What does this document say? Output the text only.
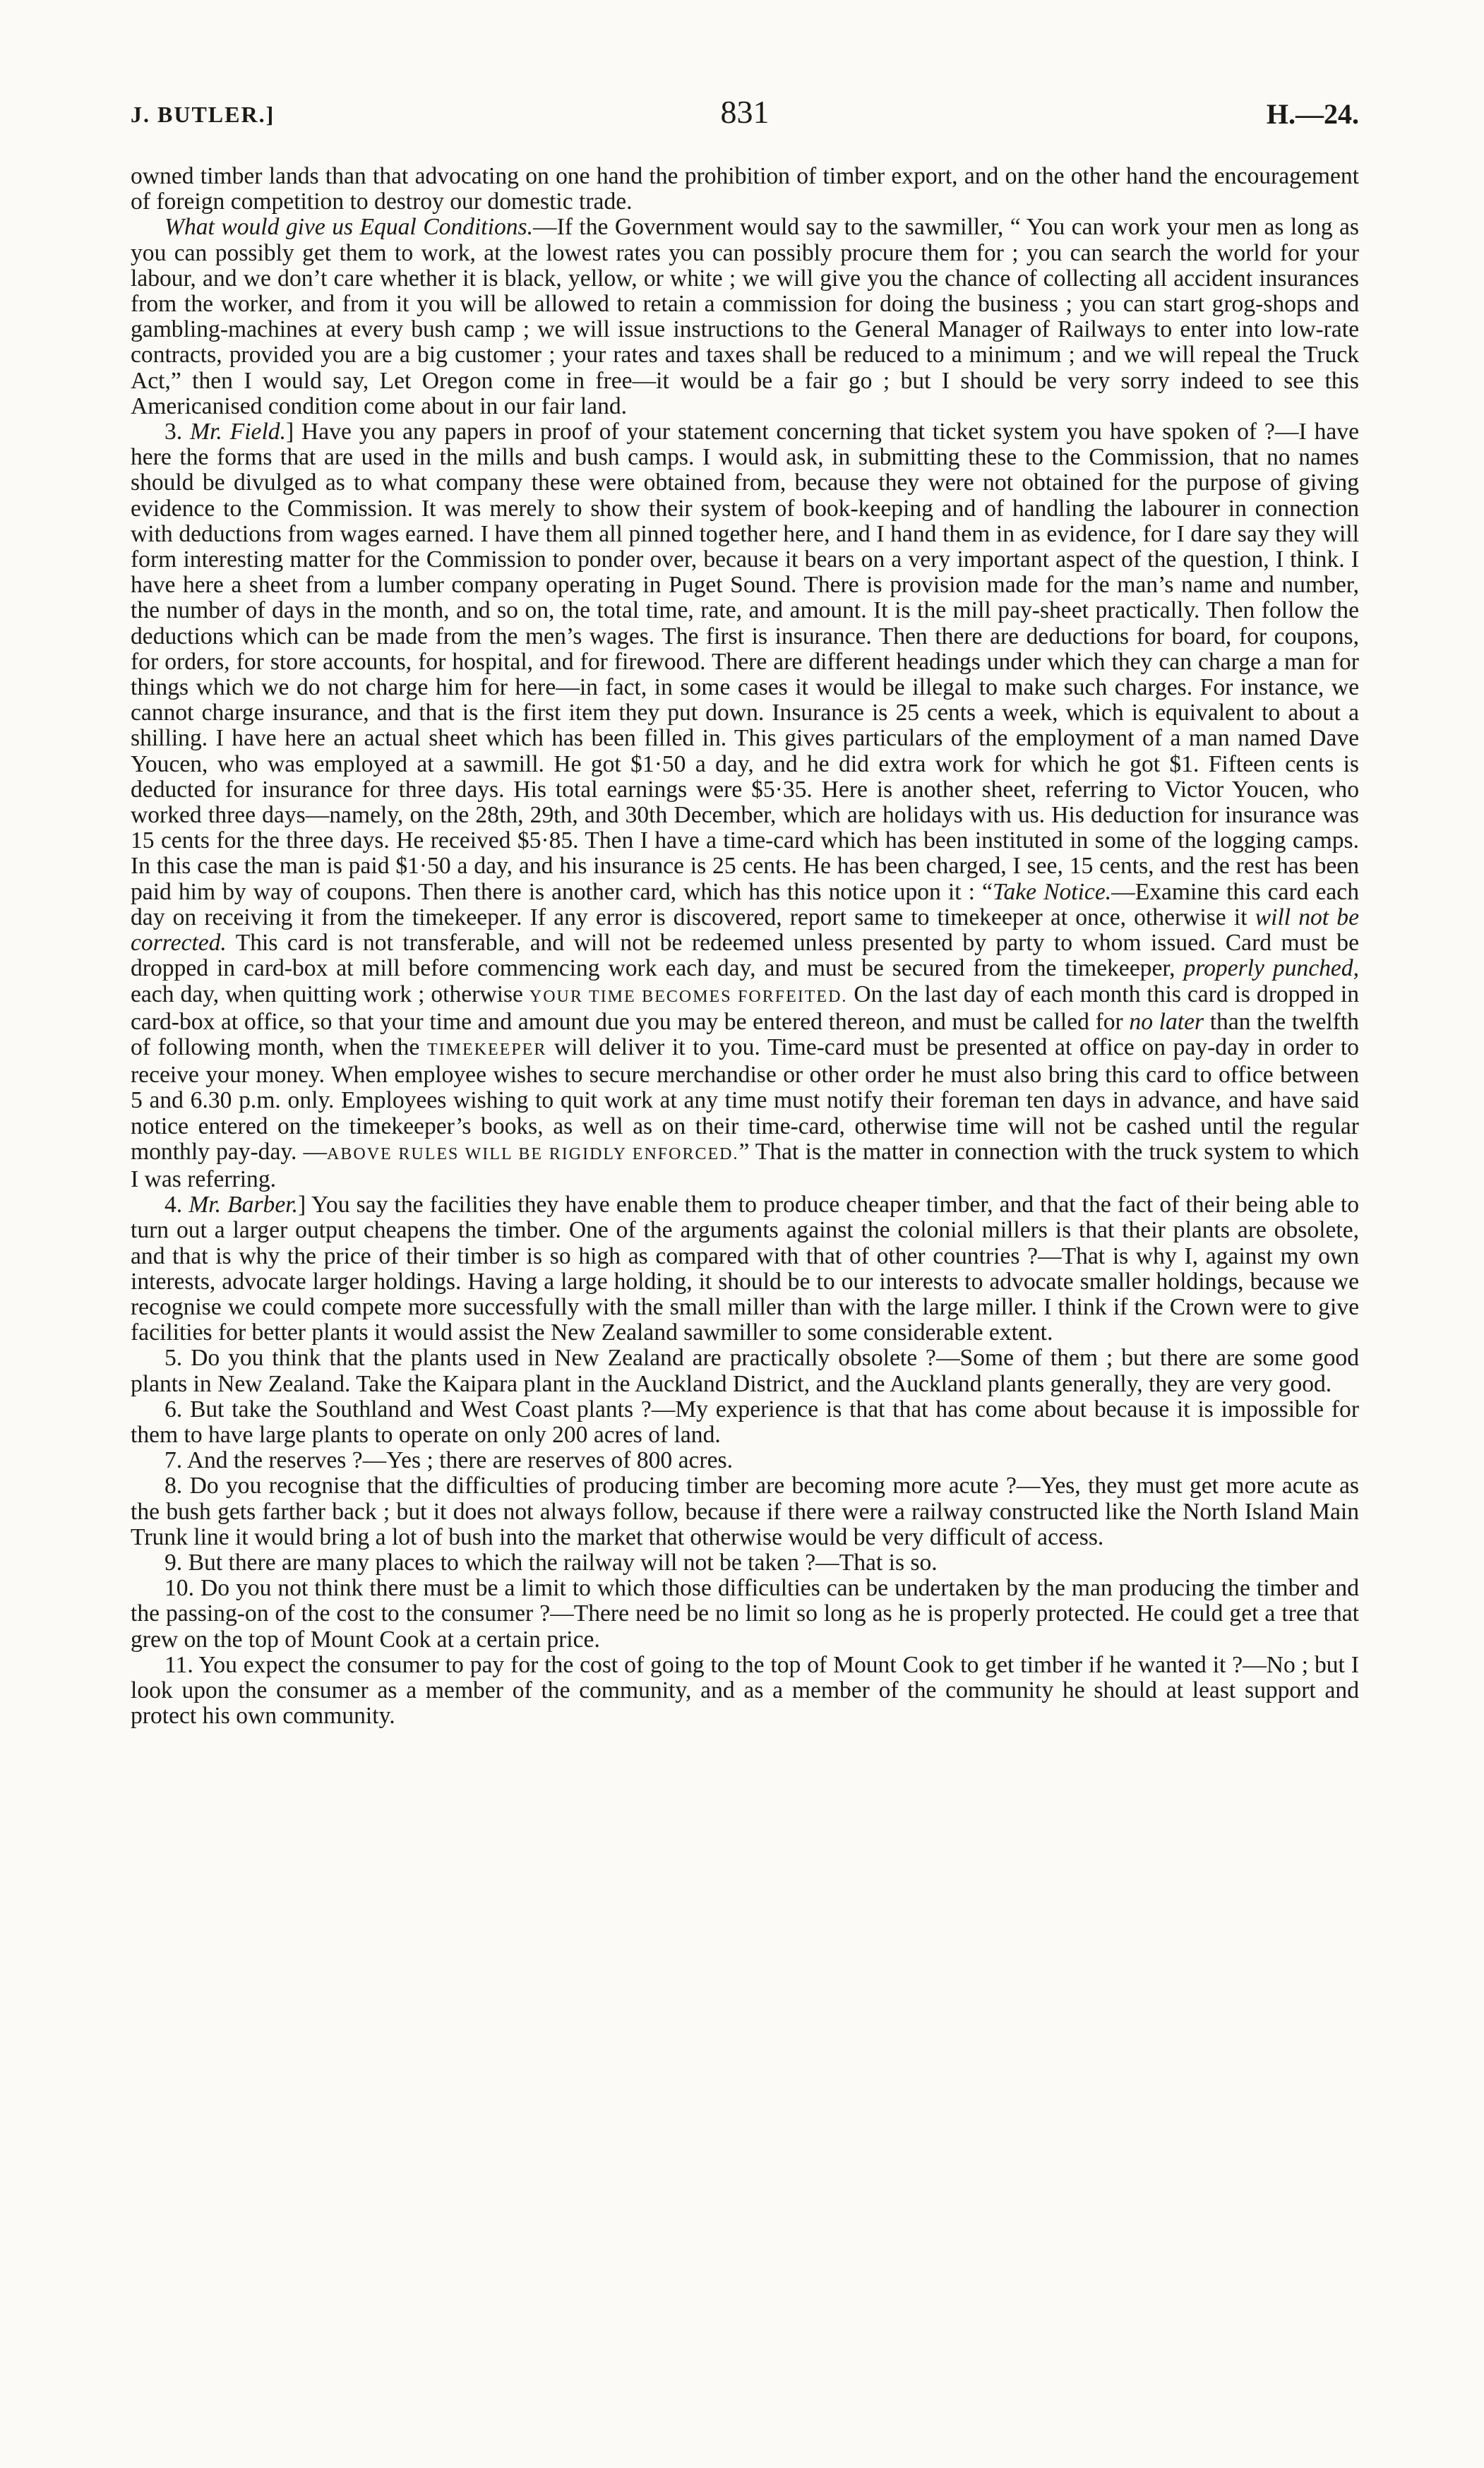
J. BUTLER.]	831	H.—24.

owned timber lands than that advocating on one hand the prohibition of timber export, and on the other hand the encouragement of foreign competition to destroy our domestic trade.

What would give us Equal Conditions.—If the Government would say to the sawmiller, “ You can work your men as long as you can possibly get them to work, at the lowest rates you can possibly procure them for ; you can search the world for your labour, and we don’t care whether it is black, yellow, or white ; we will give you the chance of collecting all accident insurances from the worker, and from it you will be allowed to retain a commission for doing the business ; you can start grog-shops and gambling-machines at every bush camp ; we will issue instructions to the General Manager of Railways to enter into low-rate contracts, provided you are a big customer ; your rates and taxes shall be reduced to a minimum ; and we will repeal the Truck Act,” then I would say, Let Oregon come in free—it would be a fair go ; but I should be very sorry indeed to see this Americanised condition come about in our fair land.

3. Mr. Field.] Have you any papers in proof of your statement concerning that ticket system you have spoken of ?—I have here the forms that are used in the mills and bush camps. I would ask, in submitting these to the Commission, that no names should be divulged as to what company these were obtained from, because they were not obtained for the purpose of giving evidence to the Commission. It was merely to show their system of book-keeping and of handling the labourer in connection with deductions from wages earned. I have them all pinned together here, and I hand them in as evidence, for I dare say they will form interesting matter for the Commission to ponder over, because it bears on a very important aspect of the question, I think. I have here a sheet from a lumber company operating in Puget Sound. There is provision made for the man’s name and number, the number of days in the month, and so on, the total time, rate, and amount. It is the mill pay-sheet practically. Then follow the deductions which can be made from the men’s wages. The first is insurance. Then there are deductions for board, for coupons, for orders, for store accounts, for hospital, and for firewood. There are different headings under which they can charge a man for things which we do not charge him for here—in fact, in some cases it would be illegal to make such charges. For instance, we cannot charge insurance, and that is the first item they put down. Insurance is 25 cents a week, which is equivalent to about a shilling. I have here an actual sheet which has been filled in. This gives particulars of the employment of a man named Dave Youcen, who was employed at a sawmill. He got $1·50 a day, and he did extra work for which he got $1. Fifteen cents is deducted for insurance for three days. His total earnings were $5·35. Here is another sheet, referring to Victor Youcen, who worked three days—namely, on the 28th, 29th, and 30th December, which are holidays with us. His deduction for insurance was 15 cents for the three days. He received $5·85. Then I have a time-card which has been instituted in some of the logging camps. In this case the man is paid $1·50 a day, and his insurance is 25 cents. He has been charged, I see, 15 cents, and the rest has been paid him by way of coupons. Then there is another card, which has this notice upon it : “Take Notice.—Examine this card each day on receiving it from the timekeeper. If any error is discovered, report same to timekeeper at once, otherwise it will not be corrected. This card is not transferable, and will not be redeemed unless presented by party to whom issued. Card must be dropped in card-box at mill before commencing work each day, and must be secured from the timekeeper, properly punched, each day, when quitting work ; otherwise YOUR TIME BECOMES FORFEITED. On the last day of each month this card is dropped in card-box at office, so that your time and amount due you may be entered thereon, and must be called for no later than the twelfth of following month, when the TIMEKEEPER will deliver it to you. Time-card must be presented at office on pay-day in order to receive your money. When employee wishes to secure merchandise or other order he must also bring this card to office between 5 and 6.30 p.m. only. Employees wishing to quit work at any time must notify their foreman ten days in advance, and have said notice entered on the timekeeper’s books, as well as on their time-card, otherwise time will not be cashed until the regular monthly pay-day. —ABOVE RULES WILL BE RIGIDLY ENFORCED.” That is the matter in connection with the truck system to which I was referring.

4. Mr. Barber.] You say the facilities they have enable them to produce cheaper timber, and that the fact of their being able to turn out a larger output cheapens the timber. One of the arguments against the colonial millers is that their plants are obsolete, and that is why the price of their timber is so high as compared with that of other countries ?—That is why I, against my own interests, advocate larger holdings. Having a large holding, it should be to our interests to advocate smaller holdings, because we recognise we could compete more successfully with the small miller than with the large miller. I think if the Crown were to give facilities for better plants it would assist the New Zealand sawmiller to some considerable extent.

5. Do you think that the plants used in New Zealand are practically obsolete ?—Some of them ; but there are some good plants in New Zealand. Take the Kaipara plant in the Auckland District, and the Auckland plants generally, they are very good.

6. But take the Southland and West Coast plants ?—My experience is that that has come about because it is impossible for them to have large plants to operate on only 200 acres of land.

7. And the reserves ?—Yes ; there are reserves of 800 acres.

8. Do you recognise that the difficulties of producing timber are becoming more acute ?—Yes, they must get more acute as the bush gets farther back ; but it does not always follow, because if there were a railway constructed like the North Island Main Trunk line it would bring a lot of bush into the market that otherwise would be very difficult of access.

9. But there are many places to which the railway will not be taken ?—That is so.

10. Do you not think there must be a limit to which those difficulties can be undertaken by the man producing the timber and the passing-on of the cost to the consumer ?—There need be no limit so long as he is properly protected. He could get a tree that grew on the top of Mount Cook at a certain price.

11. You expect the consumer to pay for the cost of going to the top of Mount Cook to get timber if he wanted it ?—No ; but I look upon the consumer as a member of the community, and as a member of the community he should at least support and protect his own community.
